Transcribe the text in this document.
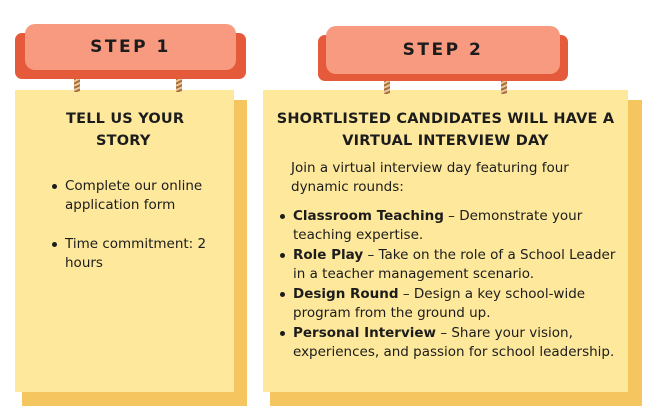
STEP 1
TELL US YOUR
STORY
Complete our online application form
Time commitment: 2 hours
STEP 2
SHORTLISTED CANDIDATES WILL HAVE A
VIRTUAL INTERVIEW DAY
Join a virtual interview day featuring four dynamic rounds:
Classroom Teaching – Demonstrate your teaching expertise.
Role Play – Take on the role of a School Leader in a teacher management scenario.
Design Round – Design a key school-wide program from the ground up.
Personal Interview – Share your vision, experiences, and passion for school leadership.
